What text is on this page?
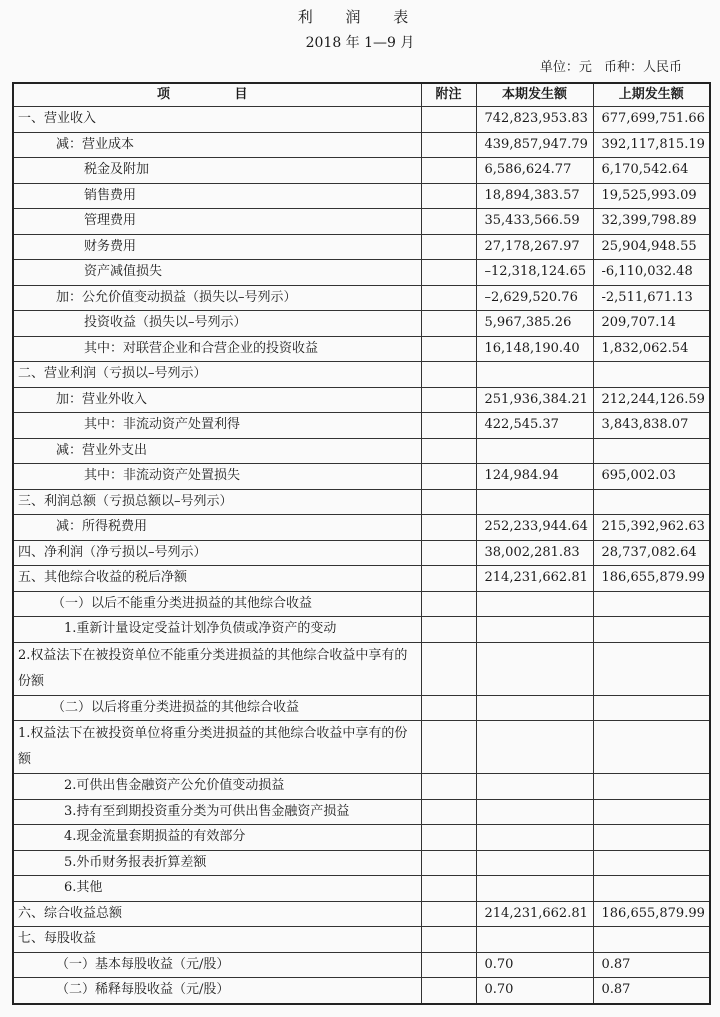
利 润 表
2018 年 1—9 月
单位：元 币种：人民币
项 目	附注	本期发生额	上期发生额
一、营业收入		742,823,953.83	677,699,751.66
减：营业成本		439,857,947.79	392,117,815.19
税金及附加		6,586,624.77	6,170,542.64
销售费用		18,894,383.57	19,525,993.09
管理费用		35,433,566.59	32,399,798.89
财务费用		27,178,267.97	25,904,948.55
资产减值损失		–12,318,124.65	-6,110,032.48
加：公允价值变动损益（损失以–号列示）		–2,629,520.76	-2,511,671.13
投资收益（损失以–号列示）		5,967,385.26	209,707.14
其中：对联营企业和合营企业的投资收益		16,148,190.40	1,832,062.54
二、营业利润（亏损以–号列示）			
加：营业外收入		251,936,384.21	212,244,126.59
其中：非流动资产处置利得		422,545.37	3,843,838.07
减：营业外支出			
其中：非流动资产处置损失		124,984.94	695,002.03
三、利润总额（亏损总额以–号列示）			
减：所得税费用		252,233,944.64	215,392,962.63
四、净利润（净亏损以–号列示）		38,002,281.83	28,737,082.64
五、其他综合收益的税后净额		214,231,662.81	186,655,879.99
（一）以后不能重分类进损益的其他综合收益			
1.重新计量设定受益计划净负债或净资产的变动			
2.权益法下在被投资单位不能重分类进损益的其他综合收益中享有的份额			
（二）以后将重分类进损益的其他综合收益			
1.权益法下在被投资单位将重分类进损益的其他综合收益中享有的份额			
2.可供出售金融资产公允价值变动损益			
3.持有至到期投资重分类为可供出售金融资产损益			
4.现金流量套期损益的有效部分			
5.外币财务报表折算差额			
6.其他			
六、综合收益总额		214,231,662.81	186,655,879.99
七、每股收益			
（一）基本每股收益（元/股）		0.70	0.87
（二）稀释每股收益（元/股）		0.70	0.87
